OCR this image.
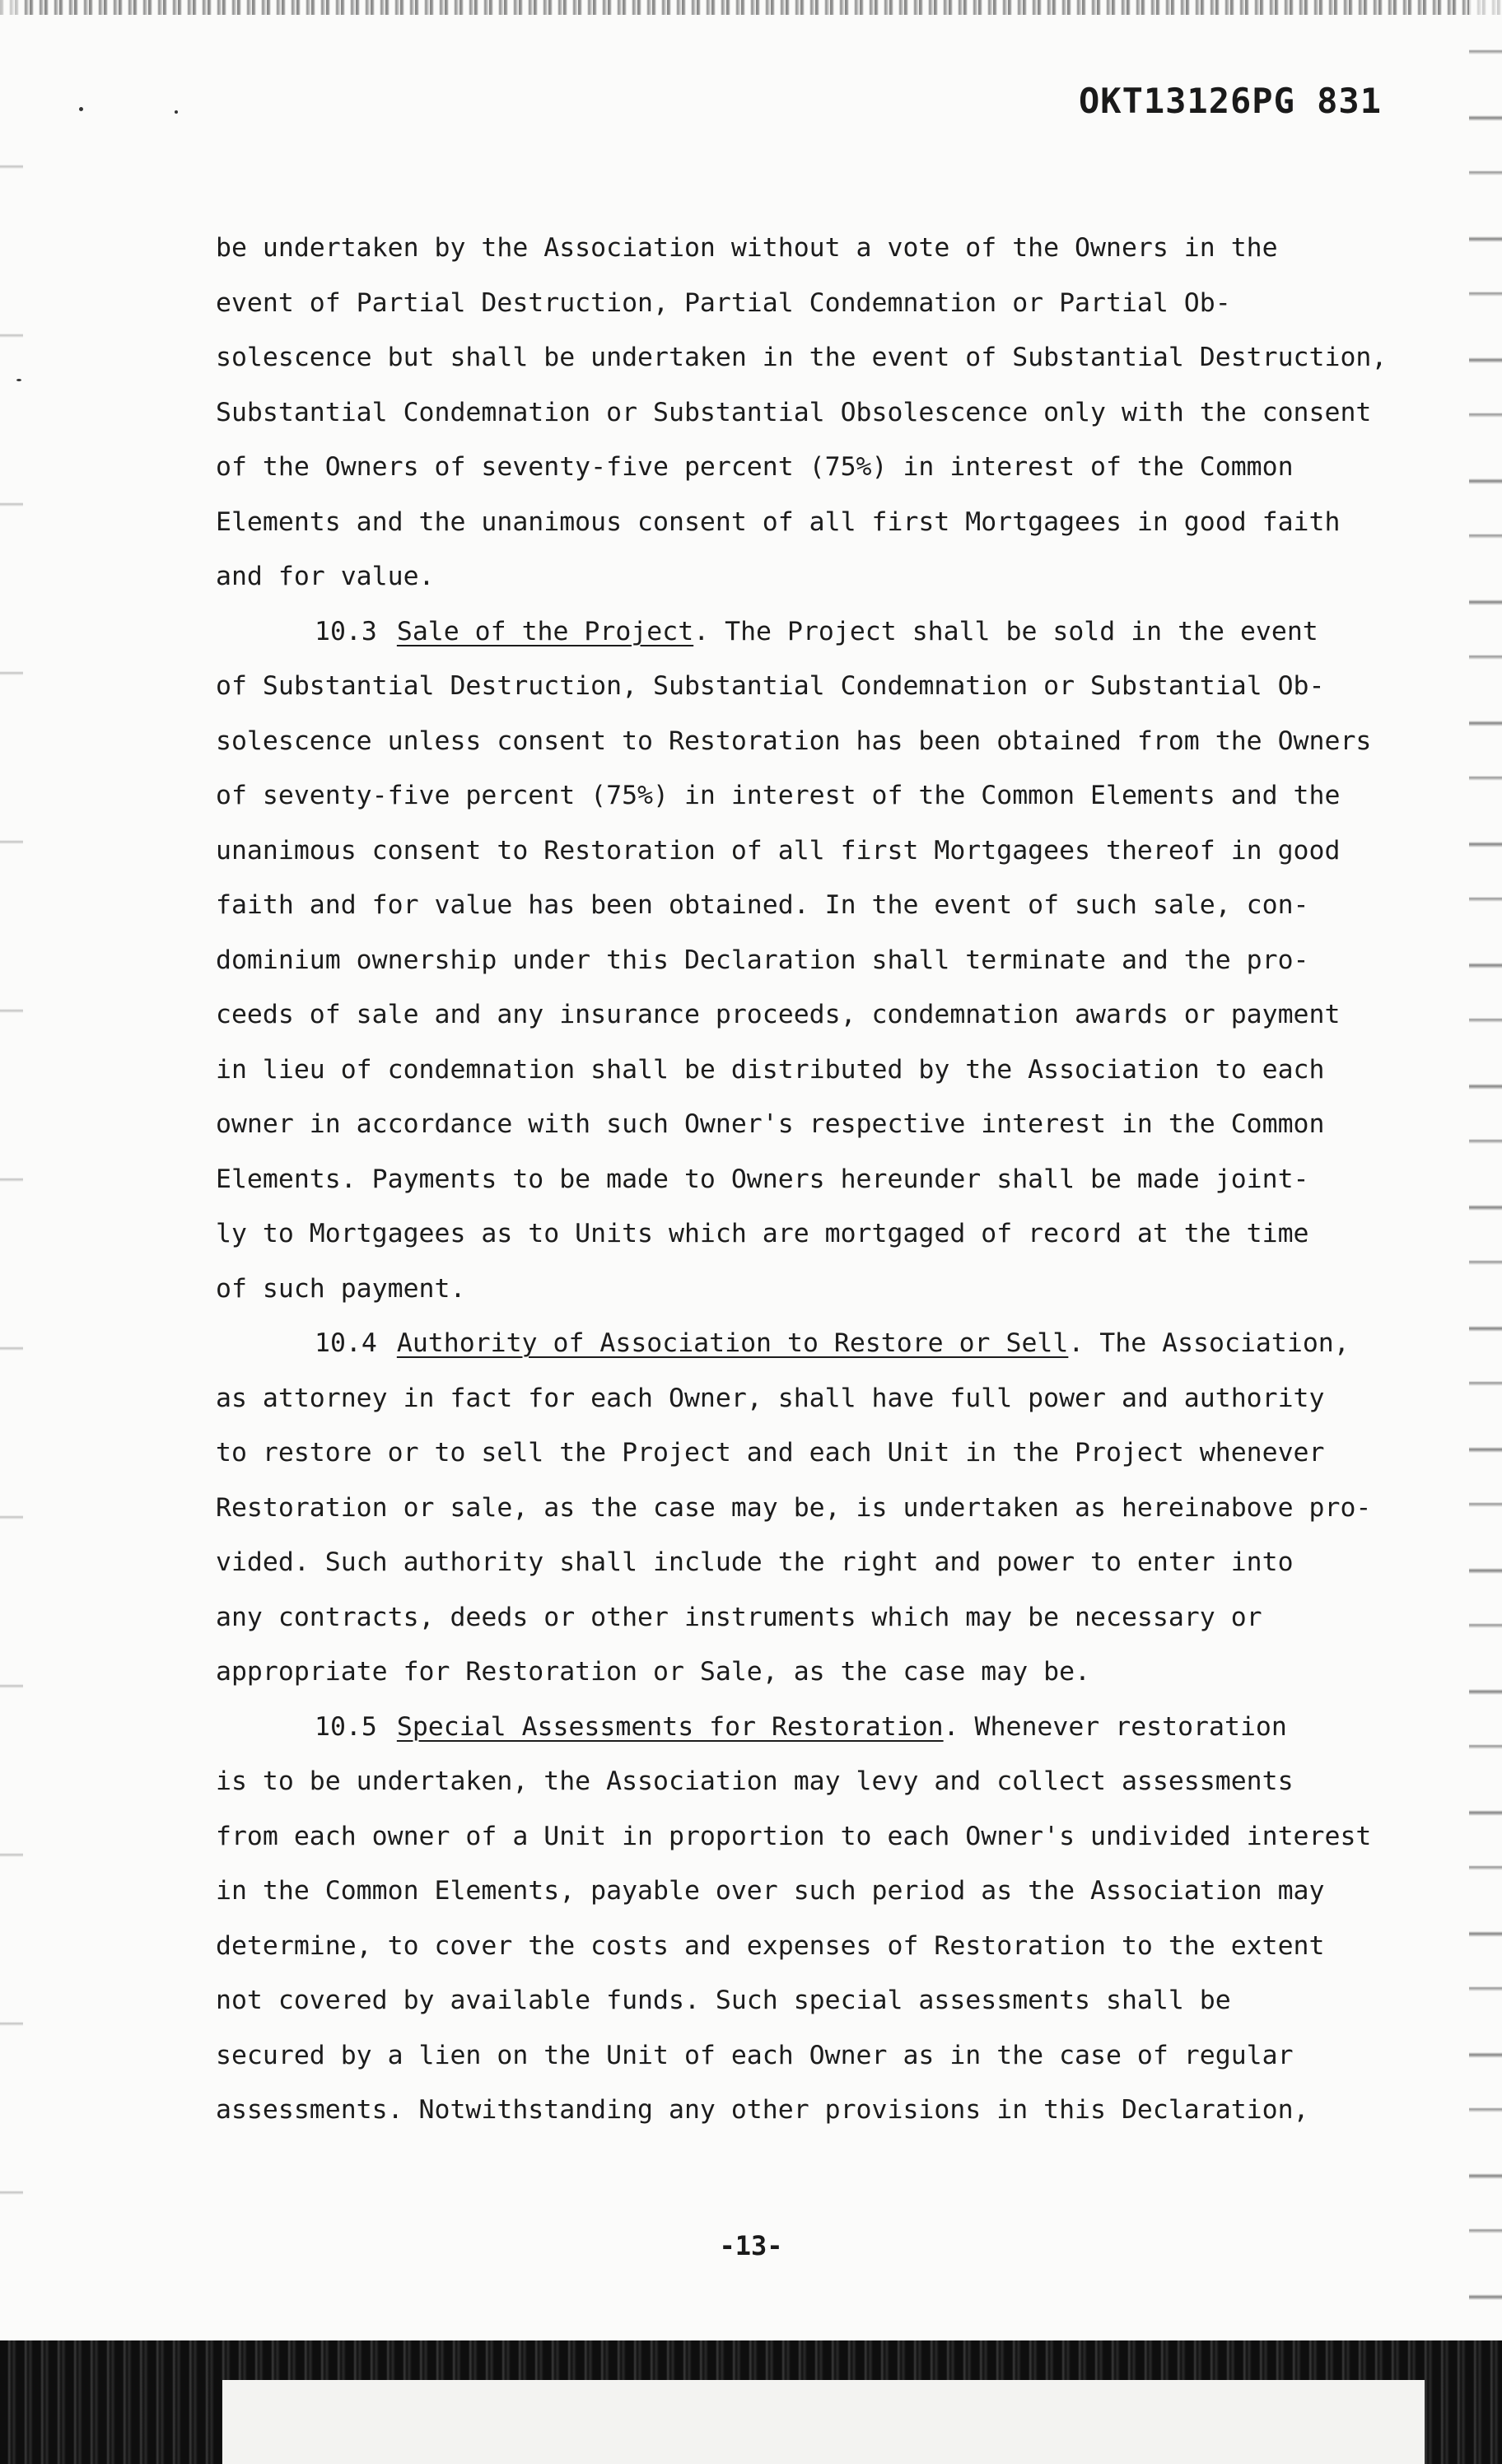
OKT13126PG 831
be undertaken by the Association without a vote of the Owners in the
event of Partial Destruction, Partial Condemnation or Partial Ob-
solescence but shall be undertaken in the event of Substantial Destruction,
Substantial Condemnation or Substantial Obsolescence only with the consent
of the Owners of seventy-five percent (75%) in interest of the Common
Elements and the unanimous consent of all first Mortgagees in good faith
and for value.
10.3 Sale of the Project. The Project shall be sold in the event
of Substantial Destruction, Substantial Condemnation or Substantial Ob-
solescence unless consent to Restoration has been obtained from the Owners
of seventy-five percent (75%) in interest of the Common Elements and the
unanimous consent to Restoration of all first Mortgagees thereof in good
faith and for value has been obtained. In the event of such sale, con-
dominium ownership under this Declaration shall terminate and the pro-
ceeds of sale and any insurance proceeds, condemnation awards or payment
in lieu of condemnation shall be distributed by the Association to each
owner in accordance with such Owner's respective interest in the Common
Elements. Payments to be made to Owners hereunder shall be made joint-
ly to Mortgagees as to Units which are mortgaged of record at the time
of such payment.
10.4 Authority of Association to Restore or Sell. The Association,
as attorney in fact for each Owner, shall have full power and authority
to restore or to sell the Project and each Unit in the Project whenever
Restoration or sale, as the case may be, is undertaken as hereinabove pro-
vided. Such authority shall include the right and power to enter into
any contracts, deeds or other instruments which may be necessary or
appropriate for Restoration or Sale, as the case may be.
10.5 Special Assessments for Restoration. Whenever restoration
is to be undertaken, the Association may levy and collect assessments
from each owner of a Unit in proportion to each Owner's undivided interest
in the Common Elements, payable over such period as the Association may
determine, to cover the costs and expenses of Restoration to the extent
not covered by available funds. Such special assessments shall be
secured by a lien on the Unit of each Owner as in the case of regular
assessments. Notwithstanding any other provisions in this Declaration,
-13-
